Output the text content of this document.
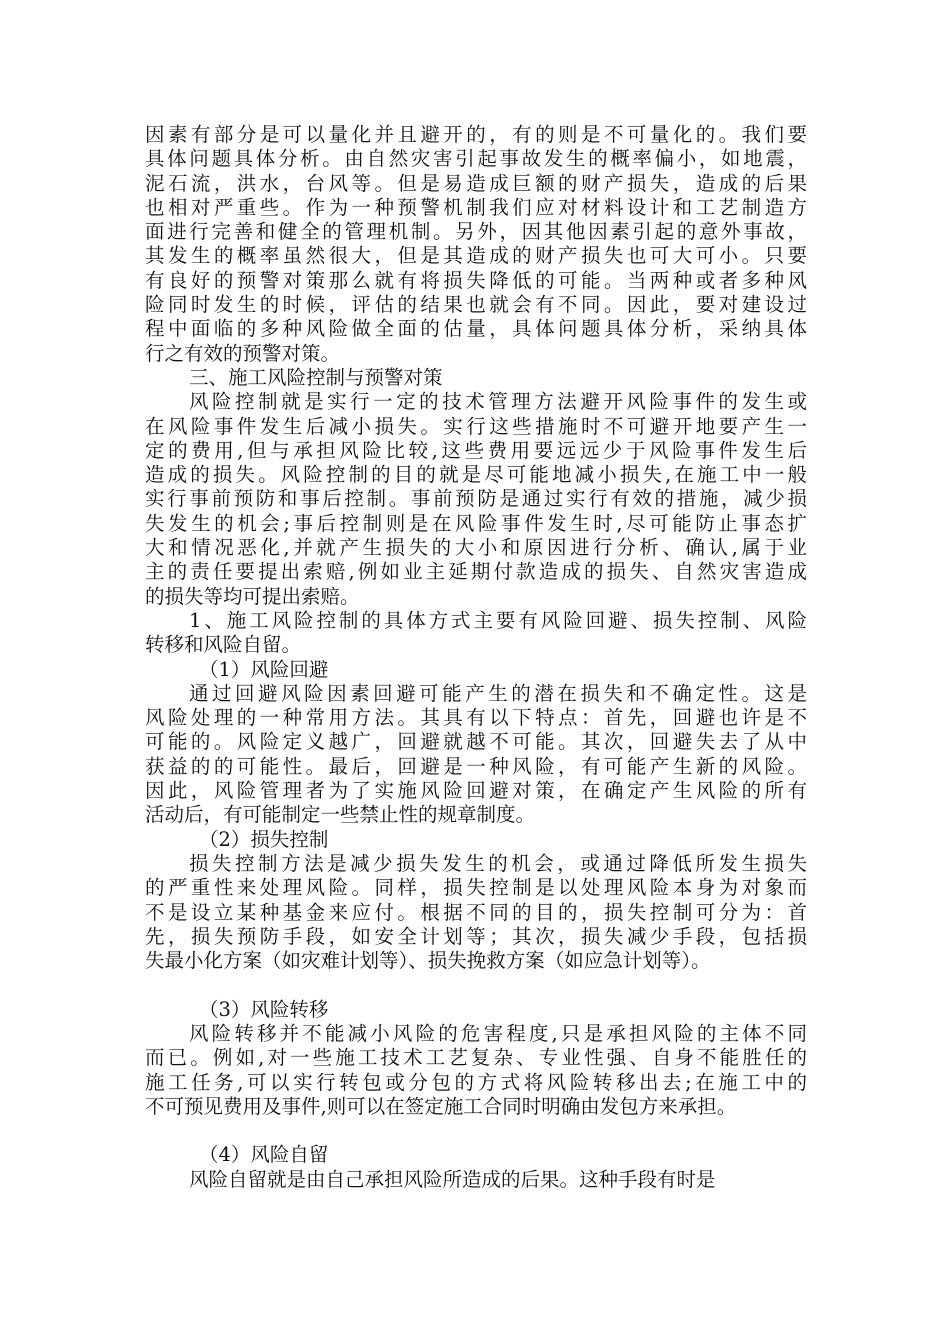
因素有部分是可以量化并且避开的，有的则是不可量化的。我们要
具体问题具体分析。由自然灾害引起事故发生的概率偏小，如地震，
泥石流，洪水，台风等。但是易造成巨额的财产损失，造成的后果
也相对严重些。作为一种预警机制我们应对材料设计和工艺制造方
面进行完善和健全的管理机制。另外，因其他因素引起的意外事故，
其发生的概率虽然很大，但是其造成的财产损失也可大可小。只要
有良好的预警对策那么就有将损失降低的可能。当两种或者多种风
险同时发生的时候，评估的结果也就会有不同。因此，要对建设过
程中面临的多种风险做全面的估量，具体问题具体分析，采纳具体
行之有效的预警对策。
三、施工风险控制与预警对策
风险控制就是实行一定的技术管理方法避开风险事件的发生或
在风险事件发生后减小损失。实行这些措施时不可避开地要产生一
定的费用,但与承担风险比较,这些费用要远远少于风险事件发生后
造成的损失。风险控制的目的就是尽可能地减小损失,在施工中一般
实行事前预防和事后控制。事前预防是通过实行有效的措施，减少损
失发生的机会;事后控制则是在风险事件发生时,尽可能防止事态扩
大和情况恶化,并就产生损失的大小和原因进行分析、确认,属于业
主的责任要提出索赔,例如业主延期付款造成的损失、自然灾害造成
的损失等均可提出索赔。
1、施工风险控制的具体方式主要有风险回避、损失控制、风险
转移和风险自留。
（1）风险回避
通过回避风险因素回避可能产生的潜在损失和不确定性。这是
风险处理的一种常用方法。其具有以下特点：首先，回避也许是不
可能的。风险定义越广，回避就越不可能。其次，回避失去了从中
获益的的可能性。最后，回避是一种风险，有可能产生新的风险。
因此，风险管理者为了实施风险回避对策，在确定产生风险的所有
活动后，有可能制定一些禁止性的规章制度。
（2）损失控制
损失控制方法是减少损失发生的机会，或通过降低所发生损失
的严重性来处理风险。同样，损失控制是以处理风险本身为对象而
不是设立某种基金来应付。根据不同的目的，损失控制可分为：首
先，损失预防手段，如安全计划等；其次，损失减少手段，包括损
失最小化方案（如灾难计划等）、损失挽救方案（如应急计划等）。
（3）风险转移
风险转移并不能减小风险的危害程度,只是承担风险的主体不同
而已。例如,对一些施工技术工艺复杂、专业性强、自身不能胜任的
施工任务,可以实行转包或分包的方式将风险转移出去;在施工中的
不可预见费用及事件,则可以在签定施工合同时明确由发包方来承担。
（4）风险自留
风险自留就是由自己承担风险所造成的后果。这种手段有时是
